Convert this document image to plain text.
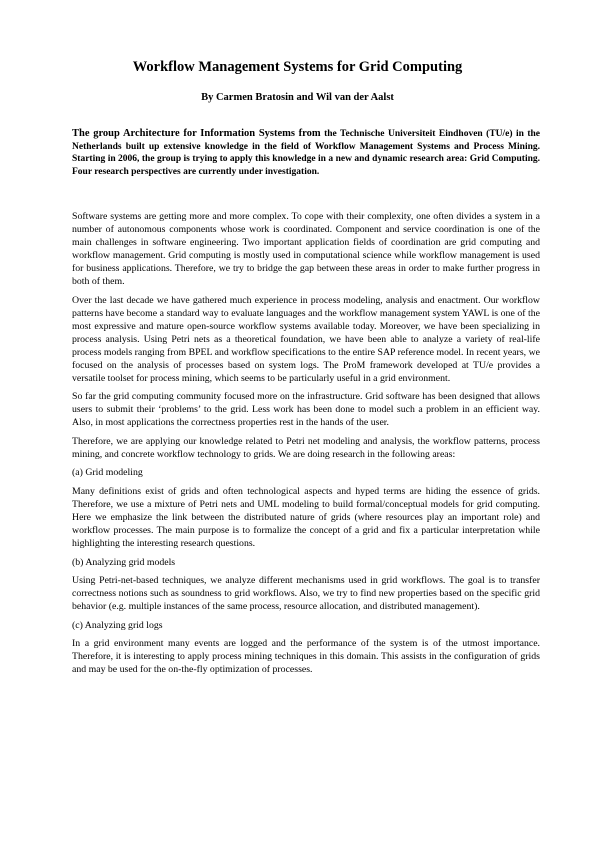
Workflow Management Systems for Grid Computing
By Carmen Bratosin and Wil van der Aalst

The group Architecture for Information Systems from the Technische Universiteit Eindhoven (TU/e) in the Netherlands built up extensive knowledge in the field of Workflow Management Systems and Process Mining. Starting in 2006, the group is trying to apply this knowledge in a new and dynamic research area: Grid Computing. Four research perspectives are currently under investigation.

Software systems are getting more and more complex. To cope with their complexity, one often divides a system in a number of autonomous components whose work is coordinated. Component and service coordination is one of the main challenges in software engineering. Two important application fields of coordination are grid computing and workflow management. Grid computing is mostly used in computational science while workflow management is used for business applications. Therefore, we try to bridge the gap between these areas in order to make further progress in both of them.

Over the last decade we have gathered much experience in process modeling, analysis and enactment. Our workflow patterns have become a standard way to evaluate languages and the workflow management system YAWL is one of the most expressive and mature open-source workflow systems available today. Moreover, we have been specializing in process analysis. Using Petri nets as a theoretical foundation, we have been able to analyze a variety of real-life process models ranging from BPEL and workflow specifications to the entire SAP reference model. In recent years, we focused on the analysis of processes based on system logs. The ProM framework developed at TU/e provides a versatile toolset for process mining, which seems to be particularly useful in a grid environment.

So far the grid computing community focused more on the infrastructure. Grid software has been designed that allows users to submit their ‘problems’ to the grid. Less work has been done to model such a problem in an efficient way. Also, in most applications the correctness properties rest in the hands of the user.

Therefore, we are applying our knowledge related to Petri net modeling and analysis, the workflow patterns, process mining, and concrete workflow technology to grids. We are doing research in the following areas:

(a) Grid modeling

Many definitions exist of grids and often technological aspects and hyped terms are hiding the essence of grids. Therefore, we use a mixture of Petri nets and UML modeling to build formal/conceptual models for grid computing. Here we emphasize the link between the distributed nature of grids (where resources play an important role) and workflow processes. The main purpose is to formalize the concept of a grid and fix a particular interpretation while highlighting the interesting research questions.

(b) Analyzing grid models

Using Petri-net-based techniques, we analyze different mechanisms used in grid workflows. The goal is to transfer correctness notions such as soundness to grid workflows. Also, we try to find new properties based on the specific grid behavior (e.g. multiple instances of the same process, resource allocation, and distributed management).

(c) Analyzing grid logs

In a grid environment many events are logged and the performance of the system is of the utmost importance. Therefore, it is interesting to apply process mining techniques in this domain. This assists in the configuration of grids and may be used for the on-the-fly optimization of processes.
